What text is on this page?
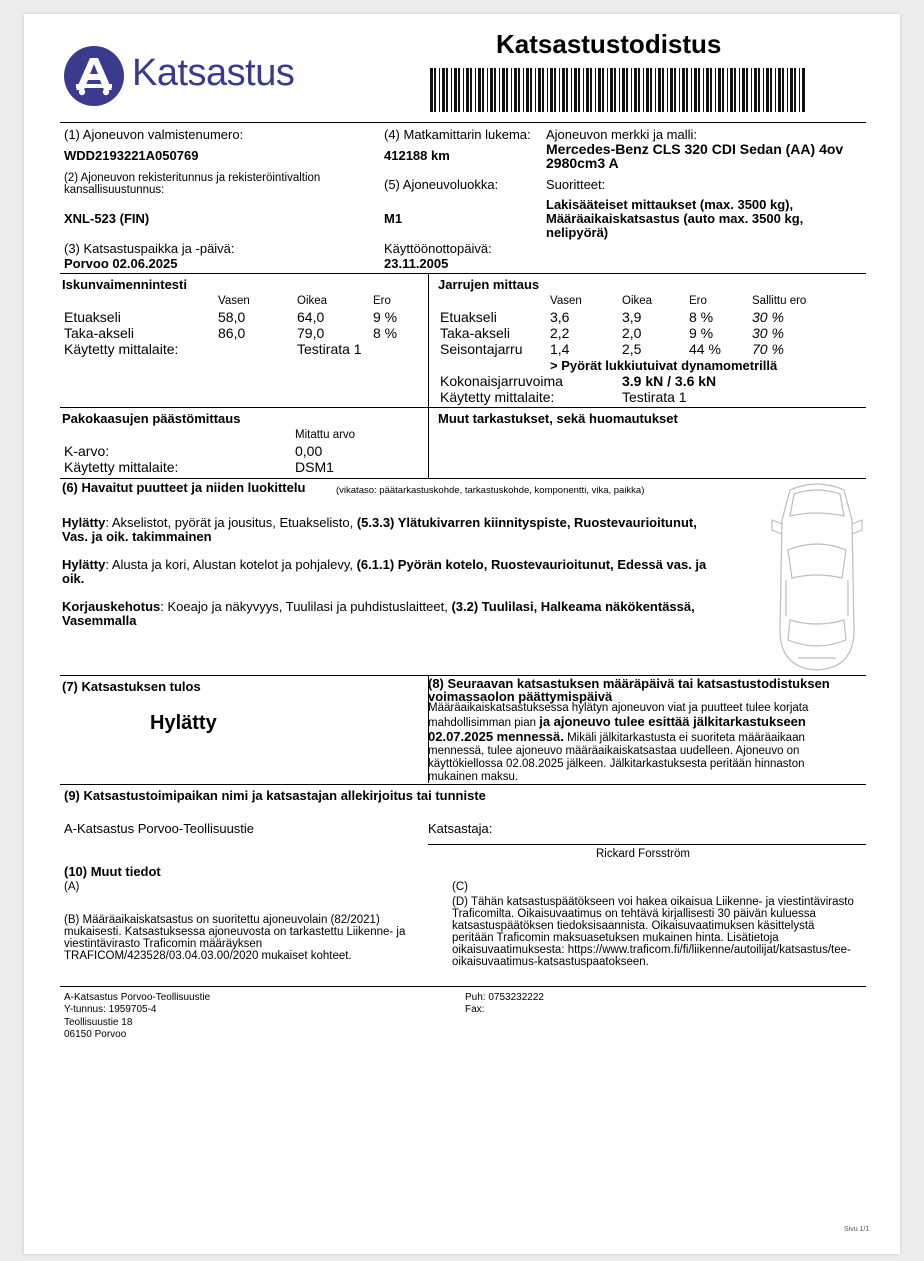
Katsastus
Katsastustodistus
(1) Ajoneuvon valmistenumero:
WDD2193221A050769
(4) Matkamittarin lukema:
412188 km
Ajoneuvon merkki ja malli:
Mercedes-Benz CLS 320 CDI Sedan (AA) 4ov
2980cm3 A
(2) Ajoneuvon rekisteritunnus ja rekisteröintivaltion
kansallisuustunnus:	(5) Ajoneuvoluokka:	Suoritteet:
XNL-523 (FIN)	M1
Lakisääteiset mittaukset (max. 3500 kg),
Määräaikaiskatsastus (auto max. 3500 kg,
nelipyörä)
(3) Katsastuspaikka ja -päivä:
Porvoo 02.06.2025
Käyttöönottopäivä:
23.11.2005
Iskunvaimennintesti
Vasen	Oikea	Ero
Etuakseli	58,0	64,0	9 %
Taka-akseli	86,0	79,0	8 %
Käytetty mittalaite:	Testirata 1
Jarrujen mittaus
Vasen	Oikea	Ero	Sallittu ero
Etuakseli	3,6	3,9	8 %	30 %
Taka-akseli	2,2	2,0	9 %	30 %
Seisontajarru 1,4	2,5	44 % 70 %
> Pyörät lukkiutuivat dynamometrillä
Kokonaisjarruvoima	3.9 kN / 3.6 kN
Käytetty mittalaite:	Testirata 1
Pakokaasujen päästömittaus
Mitattu arvo
K-arvo:	0,00
Käytetty mittalaite:	DSM1
Muut tarkastukset, sekä huomautukset
(6) Havaitut puutteet ja niiden luokittelu	(vikataso: päätarkastuskohde, tarkastuskohde, komponentti, vika, paikka)
Hylätty: Akselistot, pyörät ja jousitus, Etuakselisto, (5.3.3) Ylätukivarren kiinnityspiste, Ruostevaurioitunut, Vas. ja oik. takimmainen
Hylätty: Alusta ja kori, Alustan kotelot ja pohjalevy, (6.1.1) Pyörän kotelo, Ruostevaurioitunut, Edessä vas. ja oik.
Korjauskehotus: Koeajo ja näkyvyys, Tuulilasi ja puhdistuslaitteet, (3.2) Tuulilasi, Halkeama näkökentässä, Vasemmalla
(7) Katsastuksen tulos
Hylätty
(8) Seuraavan katsastuksen määräpäivä tai katsastustodistuksen
voimassaolon päättymispäivä
Määräaikaiskatsastuksessa hylätyn ajoneuvon viat ja puutteet tulee korjata mahdollisimman pian ja ajoneuvo tulee esittää jälkitarkastukseen 02.07.2025 mennessä. Mikäli jälkitarkastusta ei suoriteta määräaikaan mennessä, tulee ajoneuvo määräaikaiskatsastaa uudelleen. Ajoneuvo on käyttökiellossa 02.08.2025 jälkeen. Jälkitarkastuksesta peritään hinnaston mukainen maksu.
(9) Katsastustoimipaikan nimi ja katsastajan allekirjoitus tai tunniste
A-Katsastus Porvoo-Teollisuustie	Katsastaja:
Rickard Forsström
(10) Muut tiedot
(A)
(B) Määräaikaiskatsastus on suoritettu ajoneuvolain (82/2021) mukaisesti. Katsastuksessa ajoneuvosta on tarkastettu Liikenne- ja viestintävirasto Traficomin määräyksen TRAFICOM/423528/03.04.03.00/2020 mukaiset kohteet.
(C)
(D) Tähän katsastuspäätökseen voi hakea oikaisua Liikenne- ja viestintävirasto Traficomilta. Oikaisuvaatimus on tehtävä kirjallisesti 30 päivän kuluessa katsastuspäätöksen tiedoksisaannista. Oikaisuvaatimuksen käsittelystä peritään Traficomin maksuasetuksen mukainen hinta. Lisätietoja oikaisuvaatimuksesta: https://www.traficom.fi/fi/liikenne/autoilijat/katsastus/tee-oikaisuvaatimus-katsastuspaatokseen.
A-Katsastus Porvoo-Teollisuustie
Y-tunnus: 1959705-4
Teollisuustie 18
06150 Porvoo
Puh: 0753232222
Fax:
Sivu 1/1
